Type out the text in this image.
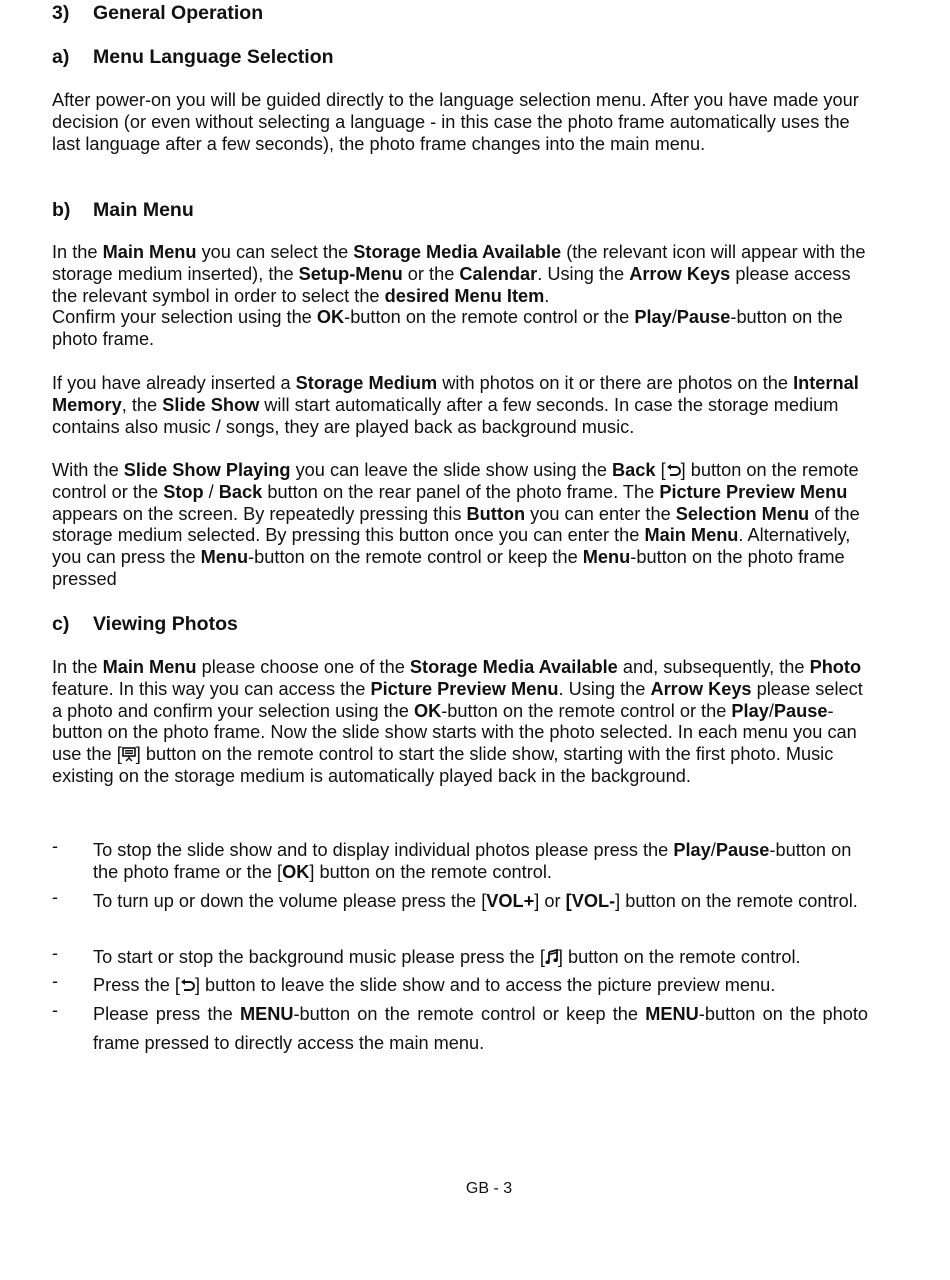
3) General Operation
a) Menu Language Selection
After power-on you will be guided directly to the language selection menu. After you have made your decision (or even without selecting a language - in this case the photo frame automatically uses the last language after a few seconds), the photo frame changes into the main menu.
b) Main Menu
In the Main Menu you can select the Storage Media Available (the relevant icon will appear with the storage medium inserted), the Setup-Menu or the Calendar. Using the Arrow Keys please access the relevant symbol in order to select the desired Menu Item.
Confirm your selection using the OK-button on the remote control or the Play/Pause-button on the photo frame.
If you have already inserted a Storage Medium with photos on it or there are photos on the Internal Memory, the Slide Show will start automatically after a few seconds. In case the storage medium contains also music / songs, they are played back as background music.
With the Slide Show Playing you can leave the slide show using the Back [ ] button on the remote control or the Stop / Back button on the rear panel of the photo frame. The Picture Preview Menu appears on the screen. By repeatedly pressing this Button you can enter the Selection Menu of the storage medium selected. By pressing this button once you can enter the Main Menu. Alternatively, you can press the Menu-button on the remote control or keep the Menu-button on the photo frame pressed
c) Viewing Photos
In the Main Menu please choose one of the Storage Media Available and, subsequently, the Photo feature. In this way you can access the Picture Preview Menu. Using the Arrow Keys please select a photo and confirm your selection using the OK-button on the remote control or the Play/Pause-button on the photo frame. Now the slide show starts with the photo selected. In each menu you can use the [ ] button on the remote control to start the slide show, starting with the first photo. Music existing on the storage medium is automatically played back in the background.
- To stop the slide show and to display individual photos please press the Play/Pause-button on the photo frame or the [OK] button on the remote control.
- To turn up or down the volume please press the [VOL+] or [VOL-] button on the remote control.
- To start or stop the background music please press the [ ] button on the remote control.
- Press the [ ] button to leave the slide show and to access the picture preview menu.
- Please press the MENU-button on the remote control or keep the MENU-button on the photo frame pressed to directly access the main menu.
GB - 3
